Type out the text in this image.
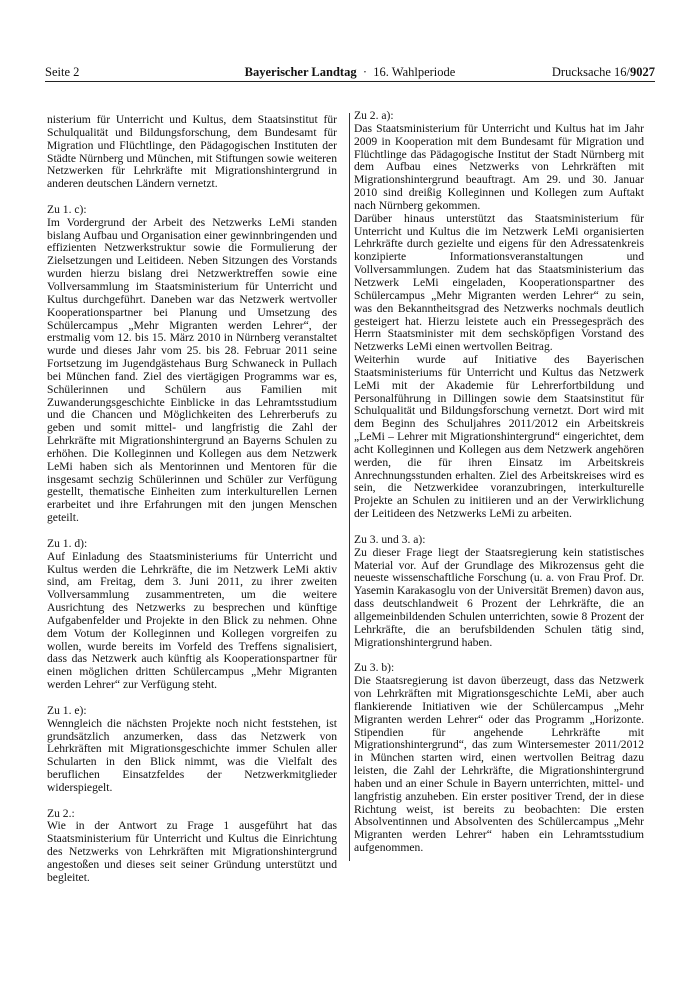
Seite 2	Bayerischer Landtag · 16. Wahlperiode	Drucksache 16/9027

nisterium für Unterricht und Kultus, dem Staatsinstitut für Schulqualität und Bildungsforschung, dem Bundesamt für Migration und Flüchtlinge, den Pädagogischen Instituten der Städte Nürnberg und München, mit Stiftungen sowie weiteren Netzwerken für Lehrkräfte mit Migrationshintergrund in anderen deutschen Ländern vernetzt.

Zu 1. c):

Im Vordergrund der Arbeit des Netzwerks LeMi standen bislang Aufbau und Organisation einer gewinnbringenden und effizienten Netzwerkstruktur sowie die Formulierung der Zielsetzungen und Leitideen. Neben Sitzungen des Vorstands wurden hierzu bislang drei Netzwerktreffen sowie eine Vollversammlung im Staatsministerium für Unterricht und Kultus durchgeführt. Daneben war das Netzwerk wertvoller Kooperationspartner bei Planung und Umsetzung des Schülercampus „Mehr Migranten werden Lehrer“, der erstmalig vom 12. bis 15. März 2010 in Nürnberg veranstaltet wurde und dieses Jahr vom 25. bis 28. Februar 2011 seine Fortsetzung im Jugendgästehaus Burg Schwaneck in Pullach bei München fand. Ziel des viertägigen Programms war es, Schülerinnen und Schülern aus Familien mit Zuwanderungsgeschichte Einblicke in das Lehramtsstudium und die Chancen und Möglichkeiten des Lehrerberufs zu geben und somit mittel- und langfristig die Zahl der Lehrkräfte mit Migrationshintergrund an Bayerns Schulen zu erhöhen. Die Kolleginnen und Kollegen aus dem Netzwerk LeMi haben sich als Mentorinnen und Mentoren für die insgesamt sechzig Schülerinnen und Schüler zur Verfügung gestellt, thematische Einheiten zum interkulturellen Lernen erarbeitet und ihre Erfahrungen mit den jungen Menschen geteilt.

Zu 1. d):

Auf Einladung des Staatsministeriums für Unterricht und Kultus werden die Lehrkräfte, die im Netzwerk LeMi aktiv sind, am Freitag, dem 3. Juni 2011, zu ihrer zweiten Vollversammlung zusammentreten, um die weitere Ausrichtung des Netzwerks zu besprechen und künftige Aufgabenfelder und Projekte in den Blick zu nehmen. Ohne dem Votum der Kolleginnen und Kollegen vorgreifen zu wollen, wurde bereits im Vorfeld des Treffens signalisiert, dass das Netzwerk auch künftig als Kooperationspartner für einen möglichen dritten Schülercampus „Mehr Migranten werden Lehrer“ zur Verfügung steht.

Zu 1. e):

Wenngleich die nächsten Projekte noch nicht feststehen, ist grundsätzlich anzumerken, dass das Netzwerk von Lehrkräften mit Migrationsgeschichte immer Schulen aller Schularten in den Blick nimmt, was die Vielfalt des beruflichen Einsatzfeldes der Netzwerkmitglieder widerspiegelt.

Zu 2.:

Wie in der Antwort zu Frage 1 ausgeführt hat das Staatsministerium für Unterricht und Kultus die Einrichtung des Netzwerks von Lehrkräften mit Migrationshintergrund angestoßen und dieses seit seiner Gründung unterstützt und begleitet.

Zu 2. a):

Das Staatsministerium für Unterricht und Kultus hat im Jahr 2009 in Kooperation mit dem Bundesamt für Migration und Flüchtlinge das Pädagogische Institut der Stadt Nürnberg mit dem Aufbau eines Netzwerks von Lehrkräften mit Migrationshintergrund beauftragt. Am 29. und 30. Januar 2010 sind dreißig Kolleginnen und Kollegen zum Auftakt nach Nürnberg gekommen.

Darüber hinaus unterstützt das Staatsministerium für Unterricht und Kultus die im Netzwerk LeMi organisierten Lehrkräfte durch gezielte und eigens für den Adressatenkreis konzipierte Informationsveranstaltungen und Vollversammlungen. Zudem hat das Staatsministerium das Netzwerk LeMi eingeladen, Kooperationspartner des Schülercampus „Mehr Migranten werden Lehrer“ zu sein, was den Bekanntheitsgrad des Netzwerks nochmals deutlich gesteigert hat. Hierzu leistete auch ein Pressegespräch des Herrn Staatsminister mit dem sechsköpfigen Vorstand des Netzwerks LeMi einen wertvollen Beitrag.

Weiterhin wurde auf Initiative des Bayerischen Staatsministeriums für Unterricht und Kultus das Netzwerk LeMi mit der Akademie für Lehrerfortbildung und Personalführung in Dillingen sowie dem Staatsinstitut für Schulqualität und Bildungsforschung vernetzt. Dort wird mit dem Beginn des Schuljahres 2011/2012 ein Arbeitskreis „LeMi – Lehrer mit Migrationshintergrund“ eingerichtet, dem acht Kolleginnen und Kollegen aus dem Netzwerk angehören werden, die für ihren Einsatz im Arbeitskreis Anrechnungsstunden erhalten. Ziel des Arbeitskreises wird es sein, die Netzwerkidee voranzubringen, interkulturelle Projekte an Schulen zu initiieren und an der Verwirklichung der Leitideen des Netzwerks LeMi zu arbeiten.

Zu 3. und 3. a):

Zu dieser Frage liegt der Staatsregierung kein statistisches Material vor. Auf der Grundlage des Mikrozensus geht die neueste wissenschaftliche Forschung (u. a. von Frau Prof. Dr. Yasemin Karakasoglu von der Universität Bremen) davon aus, dass deutschlandweit 6 Prozent der Lehrkräfte, die an allgemeinbildenden Schulen unterrichten, sowie 8 Prozent der Lehrkräfte, die an berufsbildenden Schulen tätig sind, Migrationshintergrund haben.

Zu 3. b):

Die Staatsregierung ist davon überzeugt, dass das Netzwerk von Lehrkräften mit Migrationsgeschichte LeMi, aber auch flankierende Initiativen wie der Schülercampus „Mehr Migranten werden Lehrer“ oder das Programm „Horizonte. Stipendien für angehende Lehrkräfte mit Migrationshintergrund“, das zum Wintersemester 2011/2012 in München starten wird, einen wertvollen Beitrag dazu leisten, die Zahl der Lehrkräfte, die Migrationshintergrund haben und an einer Schule in Bayern unterrichten, mittel- und langfristig anzuheben. Ein erster positiver Trend, der in diese Richtung weist, ist bereits zu beobachten: Die ersten Absolventinnen und Absolventen des Schülercampus „Mehr Migranten werden Lehrer“ haben ein Lehramtsstudium aufgenommen.
